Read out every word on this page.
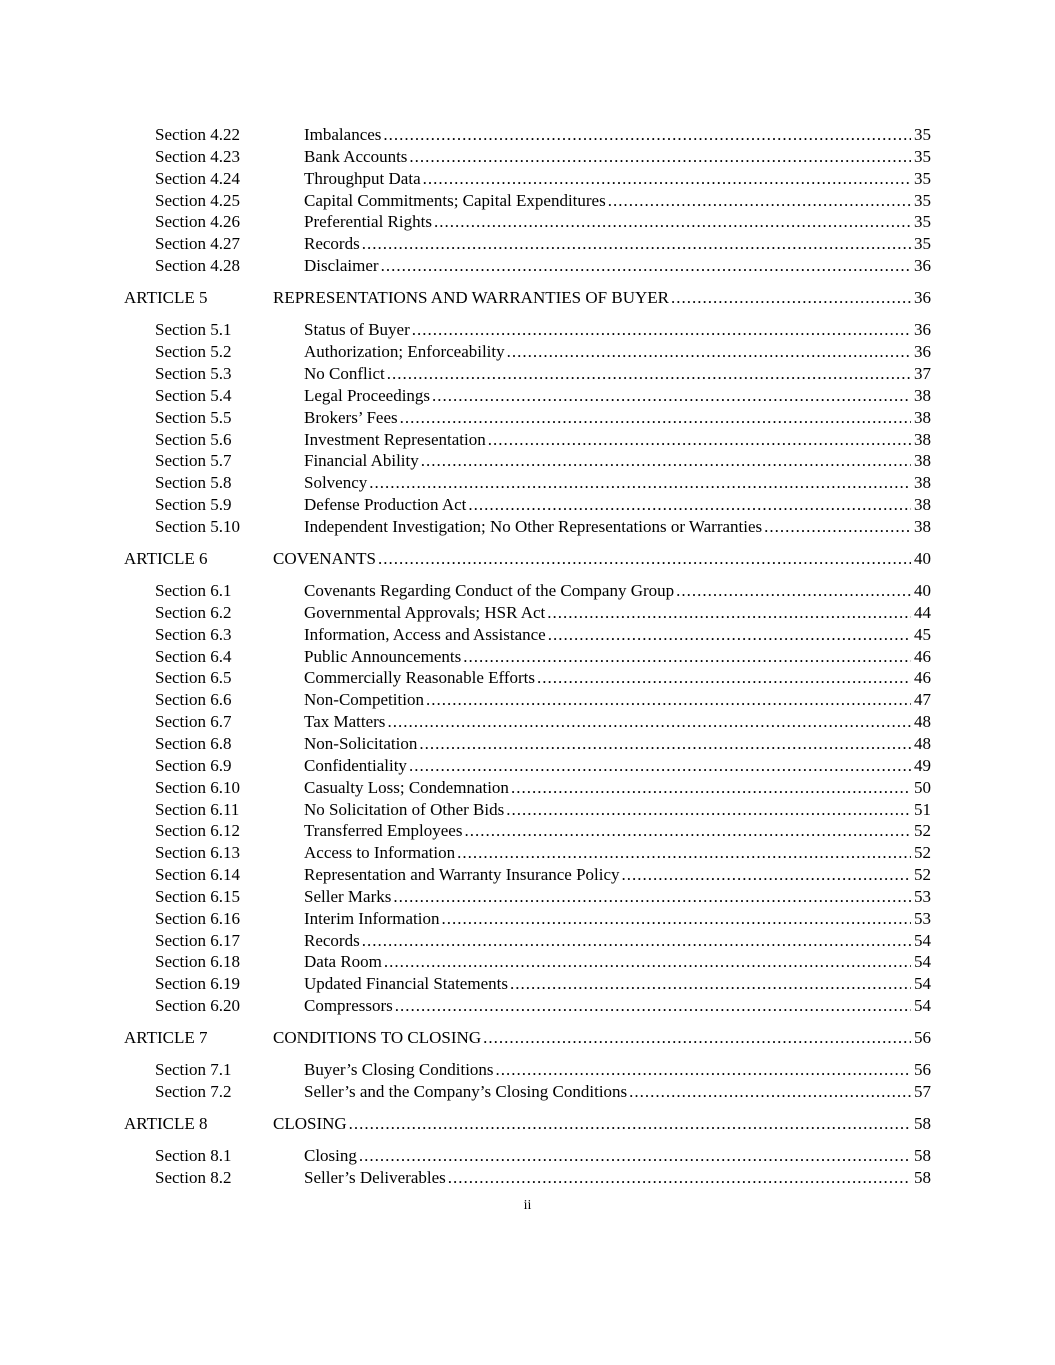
Section 4.22	Imbalances .....	35
Section 4.23	Bank Accounts .....	35
Section 4.24	Throughput Data .....	35
Section 4.25	Capital Commitments; Capital Expenditures .....	35
Section 4.26	Preferential Rights .....	35
Section 4.27	Records .....	35
Section 4.28	Disclaimer .....	36
ARTICLE 5	REPRESENTATIONS AND WARRANTIES OF BUYER .....	36
Section 5.1	Status of Buyer .....	36
Section 5.2	Authorization; Enforceability .....	36
Section 5.3	No Conflict .....	37
Section 5.4	Legal Proceedings .....	38
Section 5.5	Brokers’ Fees .....	38
Section 5.6	Investment Representation .....	38
Section 5.7	Financial Ability .....	38
Section 5.8	Solvency .....	38
Section 5.9	Defense Production Act .....	38
Section 5.10	Independent Investigation; No Other Representations or Warranties .....	38
ARTICLE 6	COVENANTS .....	40
Section 6.1	Covenants Regarding Conduct of the Company Group .....	40
Section 6.2	Governmental Approvals; HSR Act .....	44
Section 6.3	Information, Access and Assistance .....	45
Section 6.4	Public Announcements .....	46
Section 6.5	Commercially Reasonable Efforts .....	46
Section 6.6	Non-Competition .....	47
Section 6.7	Tax Matters .....	48
Section 6.8	Non-Solicitation .....	48
Section 6.9	Confidentiality .....	49
Section 6.10	Casualty Loss; Condemnation .....	50
Section 6.11	No Solicitation of Other Bids .....	51
Section 6.12	Transferred Employees .....	52
Section 6.13	Access to Information .....	52
Section 6.14	Representation and Warranty Insurance Policy .....	52
Section 6.15	Seller Marks .....	53
Section 6.16	Interim Information .....	53
Section 6.17	Records .....	54
Section 6.18	Data Room .....	54
Section 6.19	Updated Financial Statements .....	54
Section 6.20	Compressors .....	54
ARTICLE 7	CONDITIONS TO CLOSING .....	56
Section 7.1	Buyer’s Closing Conditions .....	56
Section 7.2	Seller’s and the Company’s Closing Conditions .....	57
ARTICLE 8	CLOSING .....	58
Section 8.1	Closing .....	58
Section 8.2	Seller’s Deliverables .....	58
ii
